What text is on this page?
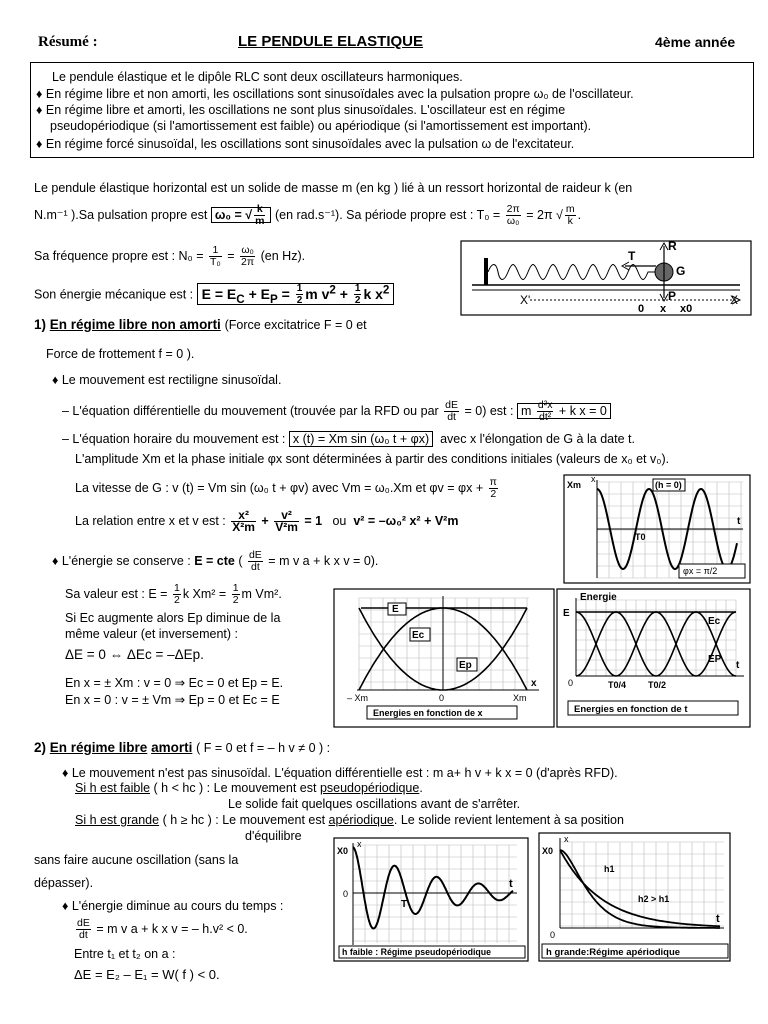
Résumé :	LE PENDULE ELASTIQUE	4ème année
Le pendule élastique et le dipôle RLC sont deux oscillateurs harmoniques.
♦ En régime libre et non amorti, les oscillations sont sinusoïdales avec la pulsation propre ω₀ de l'oscillateur.
♦ En régime libre et amorti, les oscillations ne sont plus sinusoïdales. L'oscillateur est en régime
pseudopériodique (si l'amortissement est faible) ou apériodique (si l'amortissement est important).
♦ En régime forcé sinusoïdal, les oscillations sont sinusoïdales avec la pulsation ω de l'excitateur.
Le pendule élastique horizontal est un solide de masse m (en kg ) lié à un ressort horizontal de raideur k (en
N.m⁻¹ ).Sa pulsation propre est ω₀ = √ $\frac{k}{m} (en$ rad.s⁻¹). Sa période propre est : $T_0 = \frac{2\pi}{\text{ω₀}} = 2\pi$ √ $\frac{m}{k}$ .
Sa fréquence propre est : $N_0 = \frac{1}{\text{T₀}} = \frac{\text{ω₀}}{2\pi} (en$ Hz).
Son énergie mécanique est : $E = E_C + E_P = \frac{1}{2}$ m $v^2 + \frac{1}{2}$ k $x^2$
1) En régime libre non amorti (Force excitatrice F = 0 et
Force de frottement f = 0 ).
♦ Le mouvement est rectiligne sinusoïdal.
– L'équation différentielle du mouvement (trouvée par la RFD ou par $\frac{dE}{dt} = 0$) est : m $\frac{\text{d²x}}{\text{dt²}} + k$ x = 0
– L'équation horaire du mouvement est : x (t) = Xm sin (ω₀ t + φx) avec x l'élongation de G à la date t.
L'amplitude Xm et la phase initiale φx sont déterminées à partir des conditions initiales (valeurs de x₀ et v₀).
La vitesse de G : v (t) = Vm sin (ω₀ t + φv) avec Vm = ω₀.Xm et $\varphi v = \varphi x + \frac{\pi}{2}$
La relation entre x et v est : $\frac{\text{x²}}{\text{X²m}} + \frac{\text{v²}}{\text{V²m}} = 1$   ou  v² = –ω₀² x² + V²m
♦ L'énergie se conserve : E = cte ( $\frac{dE}{dt} = m$ v a + k x v = 0).
Sa valeur est : $E = \frac{1}{2}$ k $Xm^2 = \frac{1}{2}$ m Vm².
Si Ec augmente alors Ep diminue de la
même valeur (et inversement) :
ΔE = 0 ⇔ ΔEc = –ΔEp.
En x = ± Xm : v = 0 ⇒ Ec = 0 et Ep = E.
En x = 0 : v = ± Vm ⇒ Ep = 0 et Ec = E
2) En régime libre amorti ( F = 0 et f = – h v ≠ 0 ) :
♦ Le mouvement n'est pas sinusoïdal. L'équation différentielle est : m a+ h v + k x = 0 (d'après RFD).
Si h est faible ( h < hc ) : Le mouvement est pseudopériodique.
Le solide fait quelques oscillations avant de s'arrêter.
Si h est grande ( h ≥ hc ) : Le mouvement est apériodique. Le solide revient lentement à sa position
d'équilibre
sans faire aucune oscillation (sans la
dépasser).
♦ L'énergie diminue au cours du temps :
$\frac{dE}{dt} = m$ v a + k x v = – h.v² < 0.
Entre t₁ et t₂ on a :
ΔE = E₂ – E₁ = W( f ) < 0.
R
T
G
P
X'	X
0 x x0
(h = 0)
Xm
x
t
T0
φx = π/2
E
Ec
Ep
– Xm	0	Xm
x
Energies en fonction de x
Energie
E
Ec
EP
t
0	T0/4 T0/2
Energies en fonction de t
X0
x
t
0
T
h faible : Régime pseudopériodique
X0
x
h1
h2 > h1
t
0
h grande:Régime apériodique
